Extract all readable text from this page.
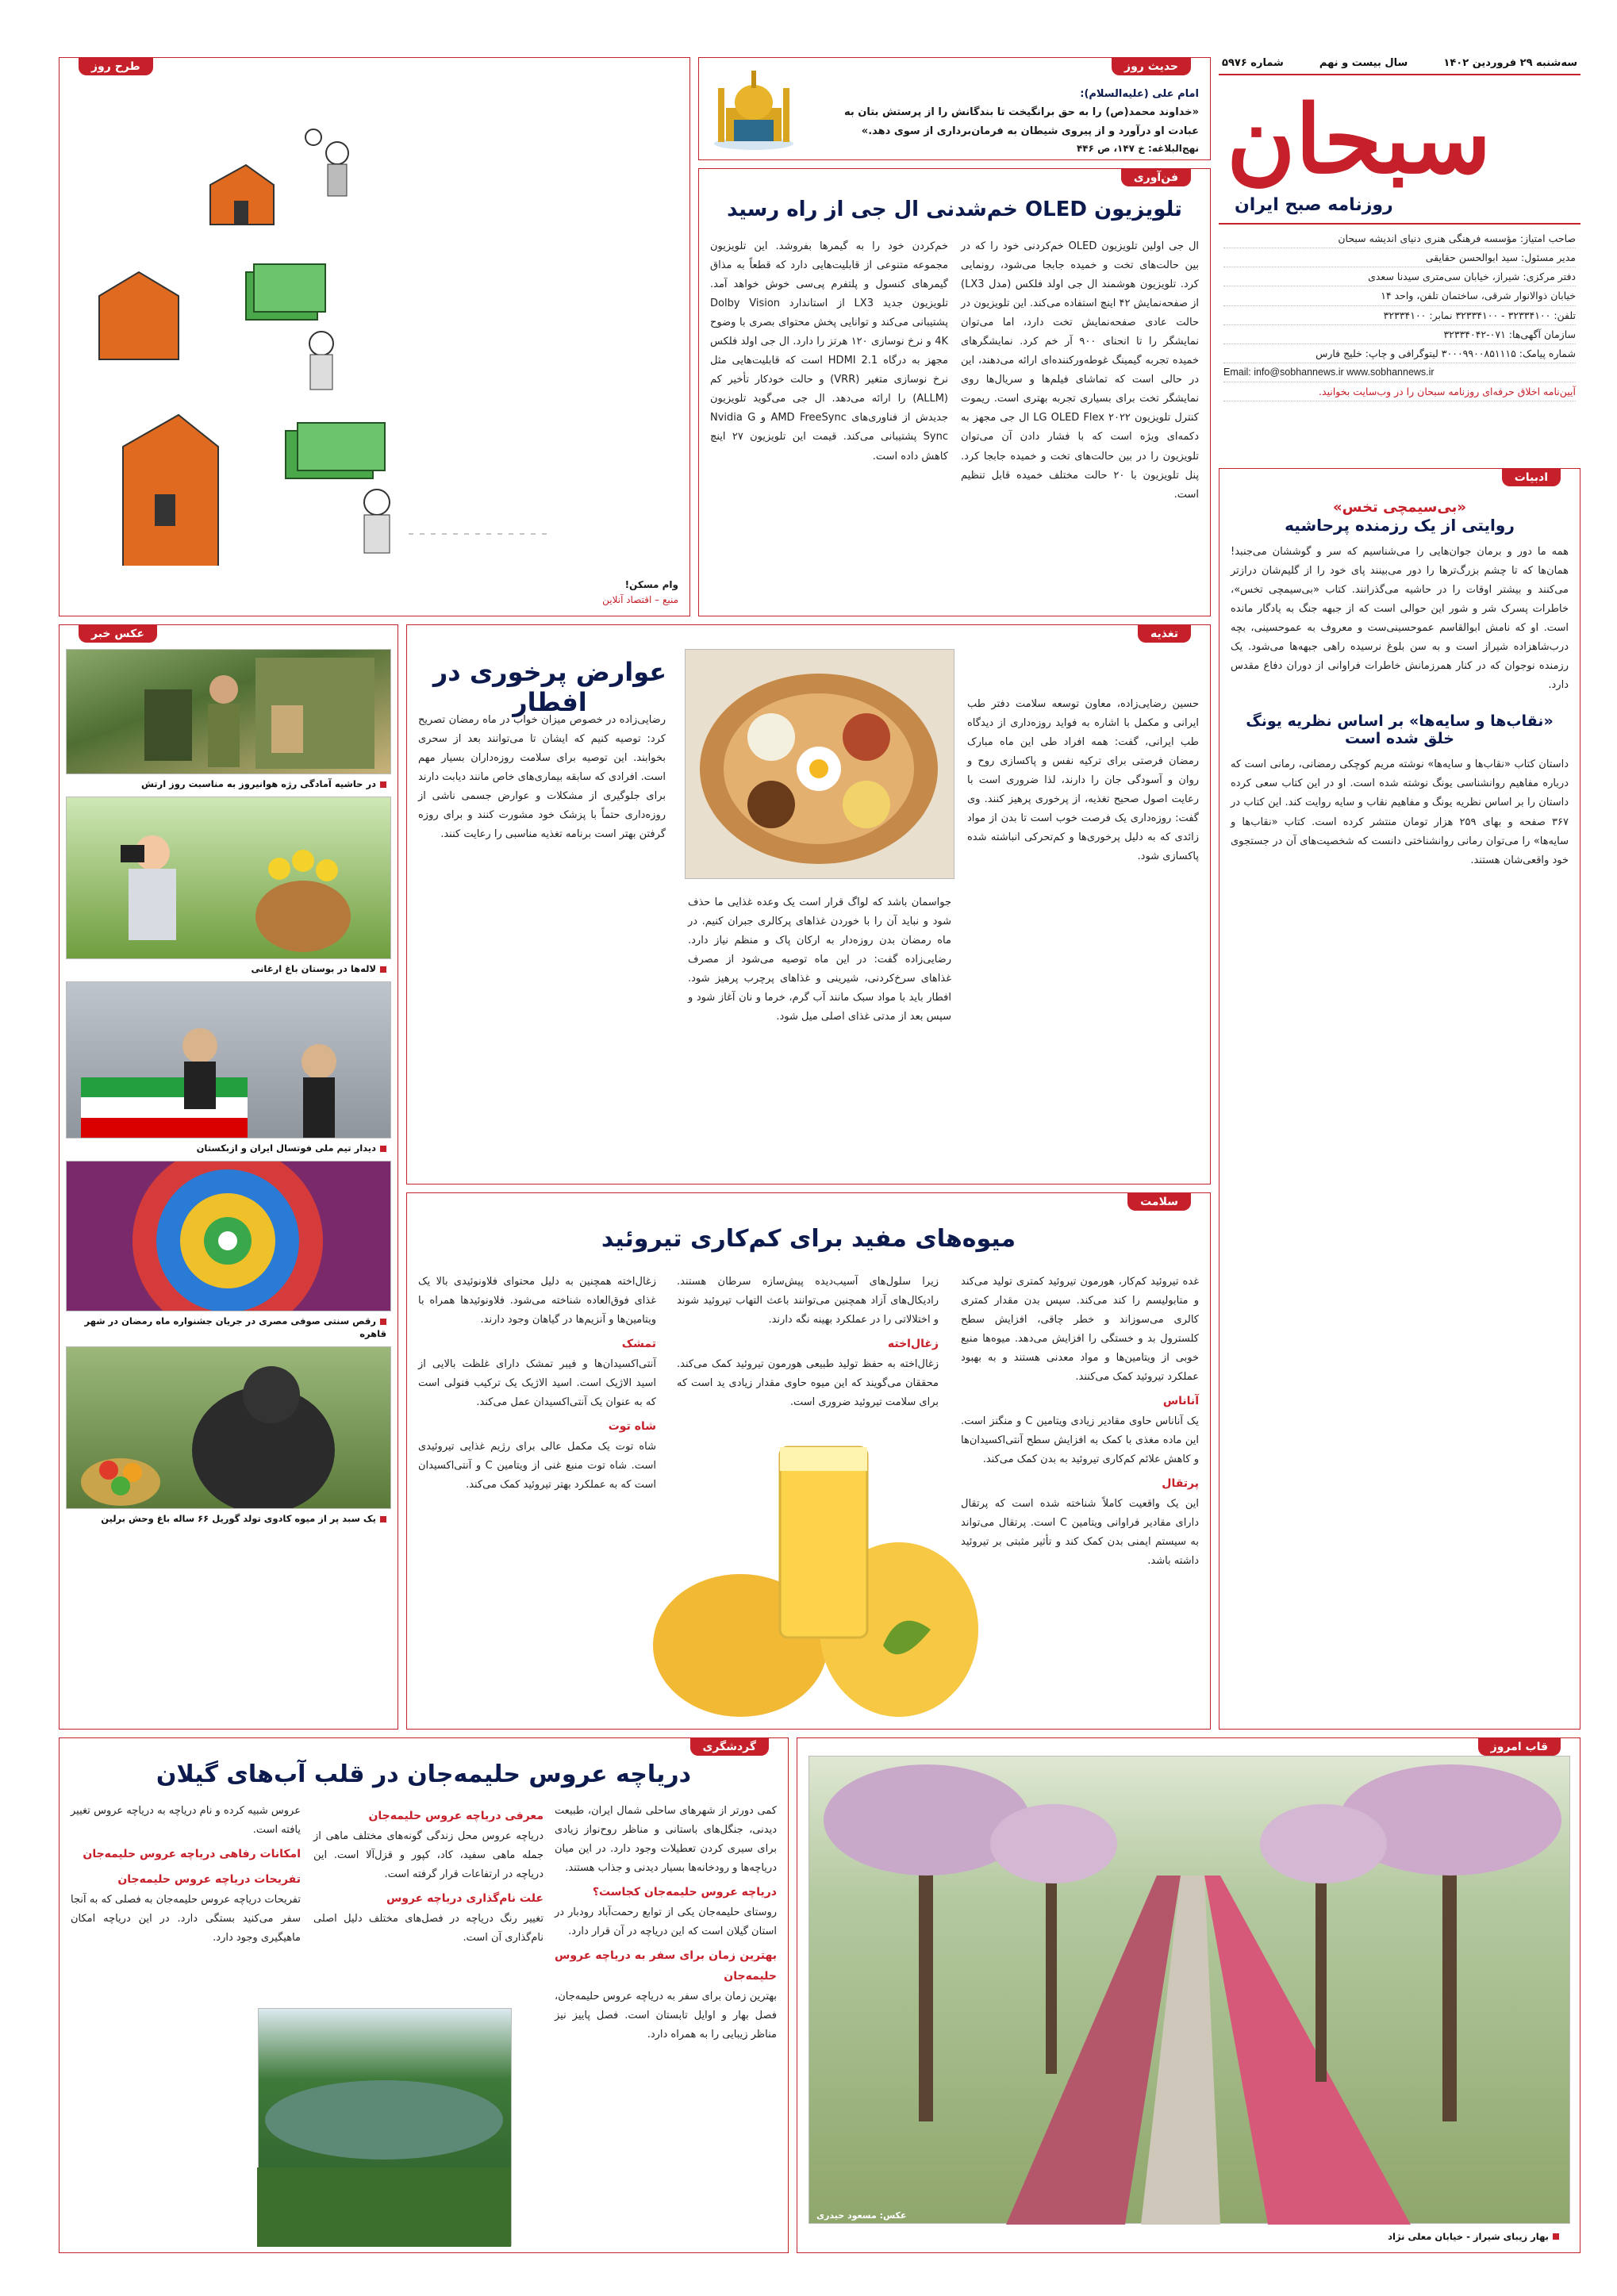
سه‌شنبه ۲۹ فروردین ۱۴۰۲
سال بیست و نهم
شماره ۵۹۷۶
سبحان
روزنامه صبح ایران
صاحب امتیاز: مؤسسه فرهنگی هنری دنیای اندیشه سبحان
مدیر مسئول: سید ابوالحسن حقایقی
دفتر مرکزی: شیراز، خیابان سی‌متری سیدنا سعدی
خیابان ذوالانوار شرقی، ساختمان تلفن، واحد ۱۴
تلفن: ۳۲۳۳۴۱۰۰ - ۳۲۳۳۴۱۰۰ نمابر: ۳۲۳۳۴۱۰۰
سازمان آگهی‌ها: ۰۷۱-۳۲۳۳۴۰۴۲
شماره پیامک: ۳۰۰۰۹۹۰۰۸۵۱۱۱۵ لیتوگرافی و چاپ: خلیج فارس
Email: info@sobhannews.ir www.sobhannews.ir
آیین‌نامه اخلاق حرفه‌ای روزنامه سبحان را در وب‌سایت بخوانید.
حدیث روز
امام علی (علیه‌السلام):
«خداوند محمد(ص) را به حق برانگیخت تا بندگانش را از پرستش بتان به عبادت او درآورد و از پیروی شیطان به فرمان‌برداری از سوی دهد.»
نهج‌البلاغه: خ ۱۴۷، ص ۴۴۶
طرح روز
وام مسکن!
منبع – اقتصاد آنلاین
فن‌آوری
تلویزیون OLED خم‌شدنی ال جی از راه رسید
ال جی اولین تلویزیون OLED خم‌کردنی خود را که در بین حالت‌های تخت و خمیده جابجا می‌شود، رونمایی کرد. تلویزیون هوشمند ال جی اولد فلکس (مدل LX3) از صفحه‌نمایش ۴۲ اینچ استفاده می‌کند. این تلویزیون در حالت عادی صفحه‌نمایش تخت دارد، اما می‌توان نمایشگر را تا انحنای ۹۰۰ آر خم کرد. نمایشگرهای خمیده تجربه گیمینگ غوطه‌ورکننده‌ای ارائه می‌دهند، این در حالی است که تماشای فیلم‌ها و سریال‌ها روی نمایشگر تخت برای بسیاری تجربه بهتری است. ریموت کنترل تلویزیون LG OLED Flex ۲۰۲۲ ال جی مجهز به دکمه‌ای ویژه است که با فشار دادن آن می‌توان تلویزیون را در بین حالت‌های تخت و خمیده جابجا کرد. پنل تلویزیون با ۲۰ حالت مختلف خمیده قابل تنظیم است.
خم‌کردن خود را به گیمرها بفروشد. این تلویزیون مجموعه متنوعی از قابلیت‌هایی دارد که قطعاً به مذاق گیمرهای کنسول و پلتفرم پی‌سی خوش خواهد آمد. تلویزیون جدید LX3 از استاندارد Dolby Vision پشتیبانی می‌کند و توانایی پخش محتوای بصری با وضوح 4K و نرخ نوسازی ۱۲۰ هرتز را دارد. ال جی اولد فلکس مجهز به درگاه HDMI 2.1 است که قابلیت‌هایی مثل نرخ نوسازی متغیر (VRR) و حالت خودکار تأخیر کم (ALLM) را ارائه می‌دهد. ال جی می‌گوید تلویزیون جدیدش از فناوری‌های AMD FreeSync و Nvidia G Sync پشتیبانی می‌کند. قیمت این تلویزیون ۲۷ اینچ کاهش داده است.
ادبیات
«بی‌سیمچی تخس»
روایتی از یک رزمنده پرحاشیه
همه ما دور و برمان جوان‌هایی را می‌شناسیم که سر و گوششان می‌جنبد! همان‌ها که تا چشم بزرگ‌ترها را دور می‌بینند پای خود را از گلیم‌شان درازتر می‌کنند و بیشتر اوقات را در حاشیه می‌گذرانند. کتاب «بی‌سیمچی تخس»، خاطرات پسرک شر و شور این حوالی است که از جبهه جنگ به یادگار مانده است. او که نامش ابوالقاسم عموحسینی‌ست و معروف به عموحسینی، بچه درب‌شاهزاده شیراز است و به سن بلوغ نرسیده راهی جبهه‌ها می‌شود. یک رزمنده نوجوان که در کنار همرزمانش خاطرات فراوانی از دوران دفاع مقدس دارد.
«نقاب‌ها و سایه‌ها» بر اساس نظریه یونگ خلق شده است
داستان کتاب «نقاب‌ها و سایه‌ها» نوشته مریم کوچکی رمضانی، رمانی است که درباره مفاهیم روانشناسی یونگ نوشته شده است. او در این کتاب سعی کرده داستان را بر اساس نظریه یونگ و مفاهیم نقاب و سایه روایت کند. این کتاب در ۳۶۷ صفحه و بهای ۲۵۹ هزار تومان منتشر کرده است. کتاب «نقاب‌ها و سایه‌ها» را می‌توان رمانی روانشناختی دانست که شخصیت‌های آن در جستجوی خود واقعی‌شان هستند.
عکس خبر
در حاشیه آمادگی رژه هوانیروز به مناسبت روز ارتش
لاله‌ها در بوستان باغ ارغانی
دیدار تیم ملی فوتسال ایران و ازبکستان
رقص سنتی صوفی مصری در جریان جشنواره ماه رمضان در شهر قاهره
یک سبد پر از میوه کادوی تولد گوریل ۶۶ ساله باغ وحش برلین
تغذیه
عوارض پرخوری در افطار	حسین رضایی‌زاده، معاون توسعه سلامت دفتر طب ایرانی و مکمل با اشاره به فواید روزه‌داری از دیدگاه طب ایرانی، گفت: همه افراد طی این ماه مبارک رمضان فرصتی برای ترکیه نفس و پاکسازی روح و روان و آسودگی جان را دارند، لذا ضروری است با رعایت اصول صحیح تغذیه، از پرخوری پرهیز کنند. وی گفت: روزه‌داری یک فرصت خوب است تا بدن از مواد زائدی که به دلیل پرخوری‌ها و کم‌تحرکی انباشته شده پاکسازی شود.
جواسمان باشد که لواگ قرار است یک وعده غذایی ما حذف شود و نباید آن را با خوردن غذاهای پرکالری جبران کنیم. در ماه رمضان بدن روزه‌دار به ارکان پاک و منظم نیاز دارد. رضایی‌زاده گفت: در این ماه توصیه می‌شود از مصرف غذاهای سرخ‌کردنی، شیرینی و غذاهای پرچرب پرهیز شود. افطار باید با مواد سبک مانند آب گرم، خرما و نان آغاز شود و سپس بعد از مدتی غذای اصلی میل شود.
رضایی‌زاده در خصوص میزان خواب در ماه رمضان تصریح کرد: توصیه کنیم که ایشان تا می‌توانند بعد از سحری بخوابند. این توصیه برای سلامت روزه‌داران بسیار مهم است. افرادی که سابقه بیماری‌های خاص مانند دیابت دارند برای جلوگیری از مشکلات و عوارض جسمی ناشی از روزه‌داری حتماً با پزشک خود مشورت کنند و برای روزه گرفتن بهتر است برنامه تغذیه مناسبی را رعایت کنند.
سلامت
میوه‌های مفید برای کم‌کاری تیروئید
غده تیروئید کم‌کار، هورمون تیروئید کمتری تولید می‌کند و متابولیسم را کند می‌کند. سپس بدن مقدار کمتری کالری می‌سوزاند و خطر چاقی، افزایش سطح کلسترول بد و خستگی را افزایش می‌دهد. میوه‌ها منبع خوبی از ویتامین‌ها و مواد معدنی هستند و به بهبود عملکرد تیروئید کمک می‌کنند.
آناناس
یک آناناس حاوی مقادیر زیادی ویتامین C و منگنز است. این ماده مغذی با کمک به افزایش سطح آنتی‌اکسیدان‌ها و کاهش علائم کم‌کاری تیروئید به بدن کمک می‌کند.
پرتقال
این یک واقعیت کاملاً شناخته شده است که پرتقال دارای مقادیر فراوانی ویتامین C است. پرتقال می‌تواند به سیستم ایمنی بدن کمک کند و تأثیر مثبتی بر تیروئید داشته باشد.
زیرا سلول‌های آسیب‌دیده پیش‌سازه سرطان هستند. رادیکال‌های آزاد همچنین می‌توانند باعث التهاب تیروئید شوند و اختلالاتی را در عملکرد بهینه نگه دارند.
زغال‌اخته
زغال‌اخته به حفظ تولید طبیعی هورمون تیروئید کمک می‌کند. محققان می‌گویند که این میوه حاوی مقدار زیادی ید است که برای سلامت تیروئید ضروری است.
زغال‌اخته همچنین به دلیل محتوای فلاونوئیدی بالا یک غذای فوق‌العاده شناخته می‌شود. فلاونوئیدها همراه با ویتامین‌ها و آنزیم‌ها در گیاهان وجود دارند.
تمشک
آنتی‌اکسیدان‌ها و فیبر تمشک دارای غلظت بالایی از اسید الاژیک است. اسید الاژیک یک ترکیب فنولی است که به عنوان یک آنتی‌اکسیدان عمل می‌کند.
شاه توت
شاه توت یک مکمل عالی برای رژیم غذایی تیروئیدی است. شاه توت منبع غنی از ویتامین C و آنتی‌اکسیدان است که به عملکرد بهتر تیروئید کمک می‌کند.
قاب امروز
بهار زیبای شیراز - خیابان معلی نژاد
عکس: مسعود حیدری
گردشگری
دریاچه عروس حلیمه‌جان در قلب آب‌های گیلان
کمی دورتر از شهرهای ساحلی شمال ایران، طبیعت دیدنی، جنگل‌های باستانی و مناظر روح‌نواز زیادی برای سیری کردن تعطیلات وجود دارد. در این میان دریاچه‌ها و رودخانه‌ها بسیار دیدنی و جذاب هستند.
دریاچه عروس حلیمه‌جان کجاست؟
روستای حلیمه‌جان یکی از توابع رحمت‌آباد رودبار در استان گیلان است که این دریاچه در آن قرار دارد.
بهترین زمان برای سفر به دریاچه عروس حلیمه‌جان
بهترین زمان برای سفر به دریاچه عروس حلیمه‌جان، فصل بهار و اوایل تابستان است. فصل پاییز نیز مناظر زیبایی را به همراه دارد.
معرفی دریاچه عروس حلیمه‌جان
دریاچه عروس محل زندگی گونه‌های مختلف ماهی از جمله ماهی سفید، کاد، کپور و قزل‌آلا است. این دریاچه در ارتفاعات قرار گرفته است.
علت نام‌گذاری دریاچه عروس
تغییر رنگ دریاچه در فصل‌های مختلف دلیل اصلی نام‌گذاری آن است.
عروس شبیه کرده و نام دریاچه به دریاچه عروس تغییر یافته است.
امکانات رفاهی دریاچه عروس حلیمه‌جان
تفریحات دریاچه عروس حلیمه‌جان
تفریحات دریاچه عروس حلیمه‌جان به فصلی که به آنجا سفر می‌کنید بستگی دارد. در این دریاچه امکان ماهیگیری وجود دارد.
